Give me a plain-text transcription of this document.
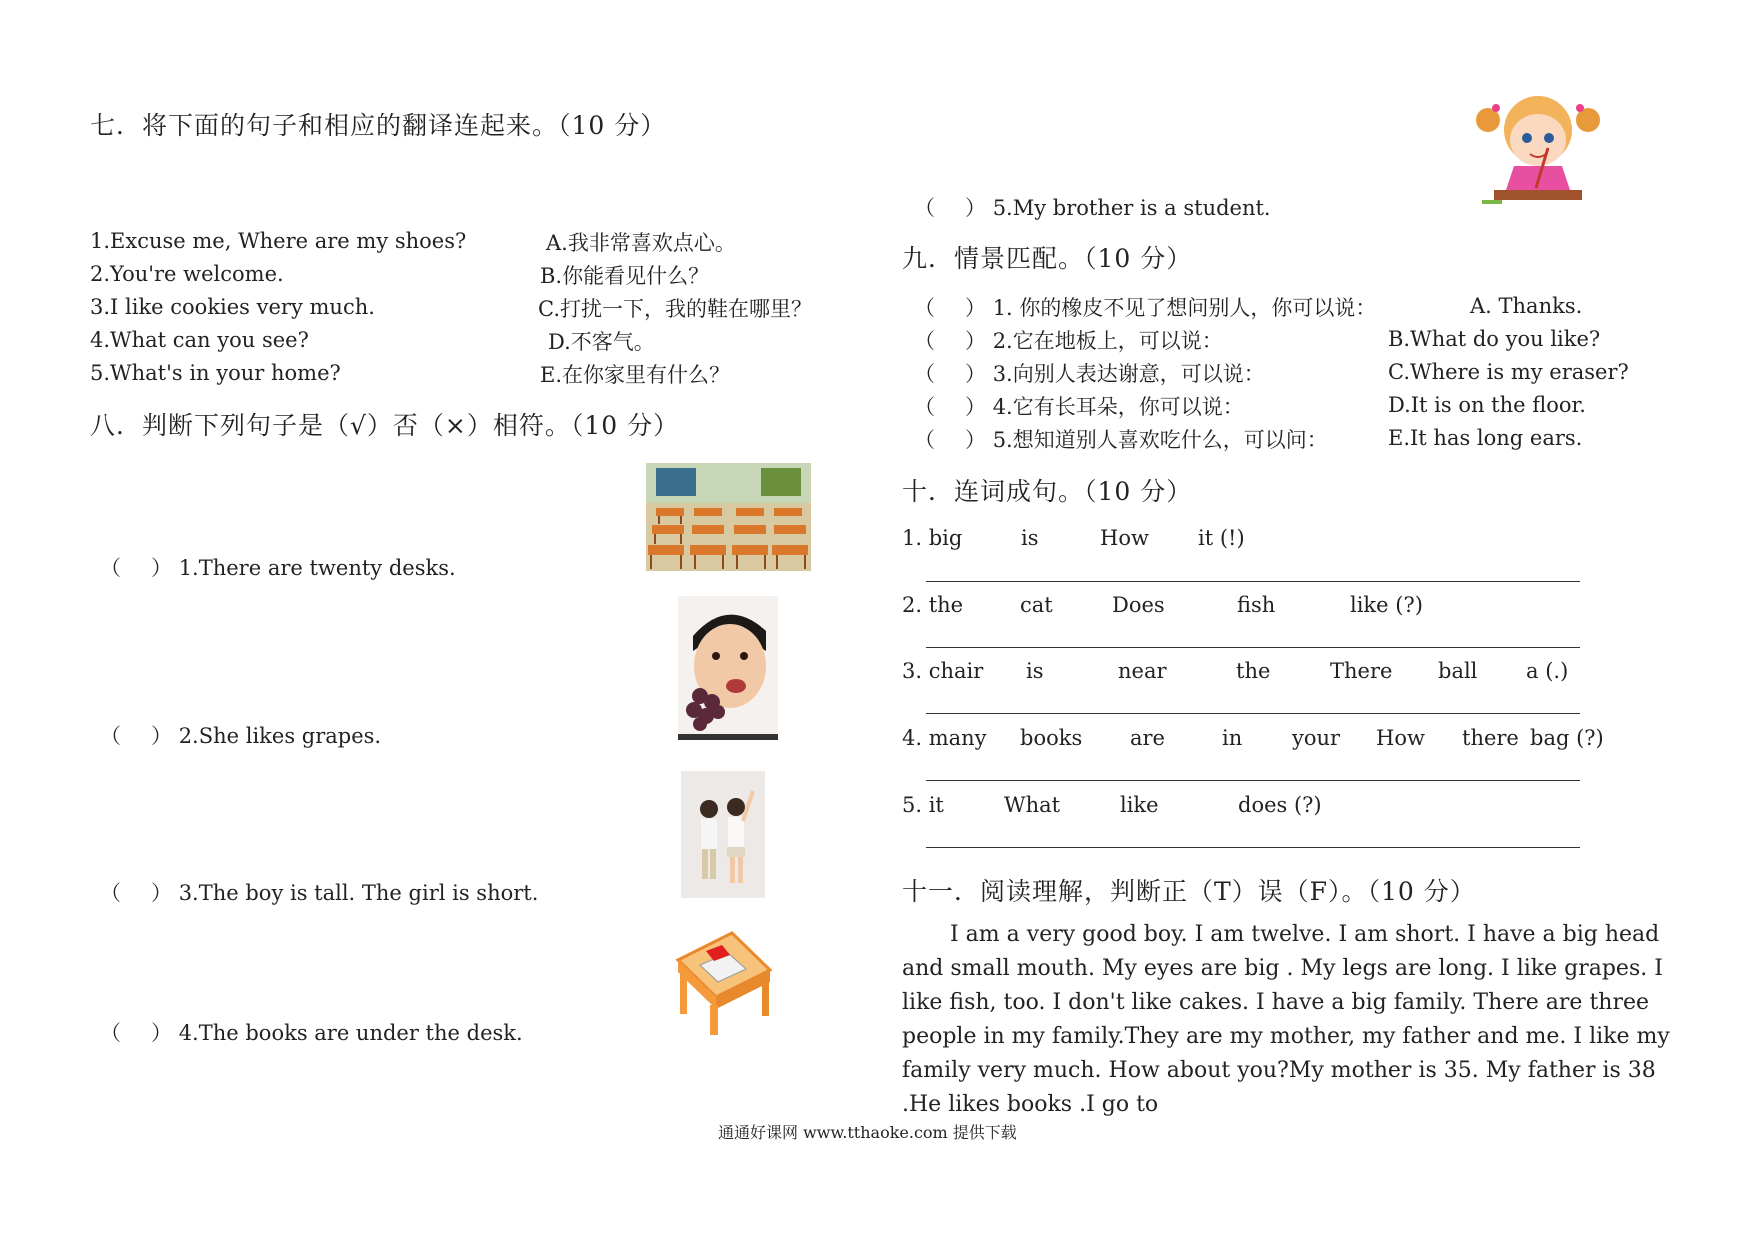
七．将下面的句子和相应的翻译连起来。（10 分）
1.Excuse me, Where are my shoes?
2.You're welcome.
3.I like cookies very much.
4.What can you see?
5.What's in your home?
A.我非常喜欢点心。
B.你能看见什么？
C.打扰一下，我的鞋在哪里？
D.不客气。
E.在你家里有什么？
八．判断下列句子是（√）否（×）相符。（10 分）
（ ） 1.There are twenty desks.
（ ） 2.She likes grapes.
（ ） 3.The boy is tall. The girl is short.
（ ） 4.The books are under the desk.
（ ） 5.My brother is a student.
九．情景匹配。（10 分）
（ ） 1. 你的橡皮不见了想问别人，你可以说：
（ ） 2.它在地板上，可以说：
（ ） 3.向别人表达谢意，可以说：
（ ） 4.它有长耳朵，你可以说：
（ ） 5.想知道别人喜欢吃什么，可以问：
A. Thanks.
B.What do you like?
C.Where is my eraser?
D.It is on the floor.
E.It has long ears.
十．连词成句。（10 分）
1. big	is	How it (!)
2. the	cat	Does	fish	like (?)
3. chair is	near	the	There ball a (.)
4. many books are	in your How there bag (?)
5. it	What	like	does (?)
十一．阅读理解，判断正（T）误（F）。（10 分）
I am a very good boy. I am twelve. I am short. I have a big head and small mouth. My eyes are big . My legs are long. I like grapes. I like fish, too. I don't like cakes. I have a big family. There are three people in my family.They are my mother, my father and me. I like my family very much. How about you?My mother is 35. My father is 38 .He likes books .I go to
通通好课网 www.tthaoke.com 提供下载
